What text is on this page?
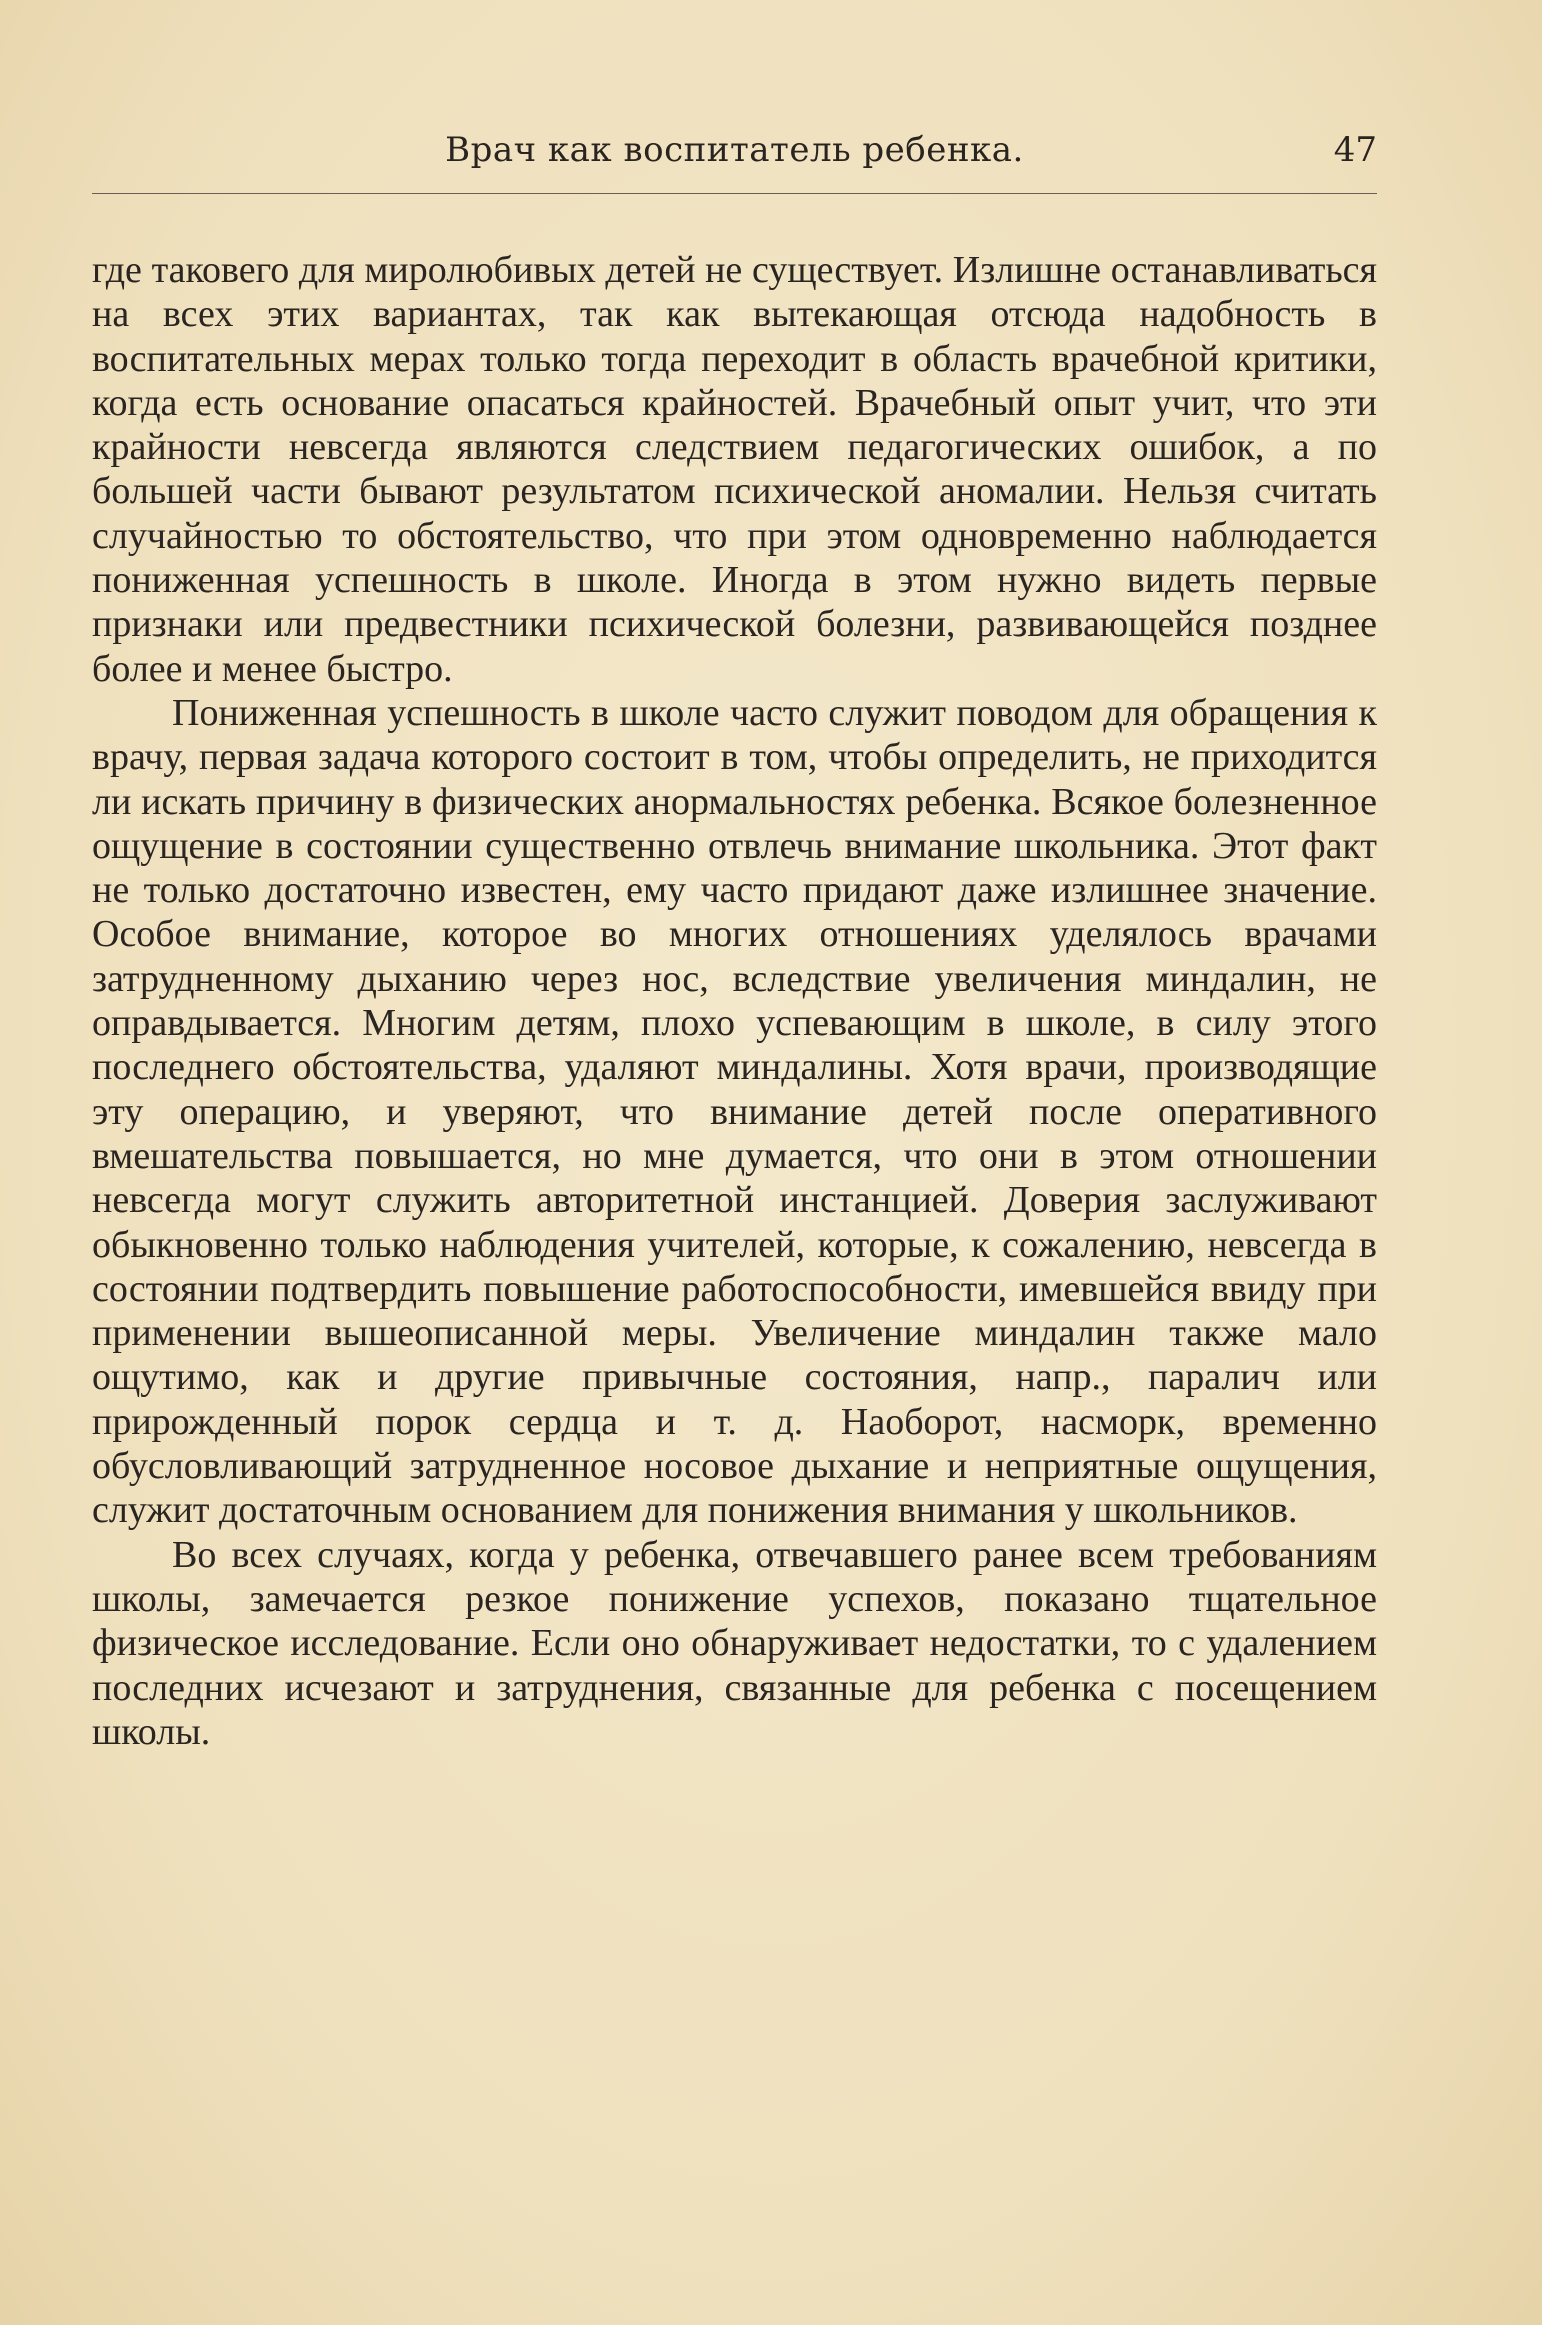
Врач как воспитатель ребенка.	47

где таковего для миролюбивых детей не существует. Излишне останавливаться на всех этих вариантах, так как вытекающая отсюда надобность в воспитательных мерах только тогда переходит в область врачебной критики, когда есть основание опасаться крайностей. Врачебный опыт учит, что эти крайности невсегда являются следствием педагогических ошибок, а по большей части бывают результатом психической аномалии. Нельзя считать случайностью то обстоятельство, что при этом одновременно наблюдается пониженная успешность в школе. Иногда в этом нужно видеть первые признаки или предвестники психической болезни, развивающейся позднее более и менее быстро.

Пониженная успешность в школе часто служит поводом для обращения к врачу, первая задача которого состоит в том, чтобы определить, не приходится ли искать причину в физических анормальностях ребенка. Всякое болезненное ощущение в состоянии существенно отвлечь внимание школьника. Этот факт не только достаточно известен, ему часто придают даже излишнее значение. Особое внимание, которое во многих отношениях уделялось врачами затрудненному дыханию через нос, вследствие увеличения миндалин, не оправдывается. Многим детям, плохо успевающим в школе, в силу этого последнего обстоятельства, удаляют миндалины. Хотя врачи, производящие эту операцию, и уверяют, что внимание детей после оперативного вмешательства повышается, но мне думается, что они в этом отношении невсегда могут служить авторитетной инстанцией. Доверия заслуживают обыкновенно только наблюдения учителей, которые, к сожалению, невсегда в состоянии подтвердить повышение работоспособности, имевшейся ввиду при применении вышеописанной меры. Увеличение миндалин также мало ощутимо, как и другие привычные состояния, напр., паралич или прирожденный порок сердца и т. д. Наоборот, насморк, временно обусловливающий затрудненное носовое дыхание и неприятные ощущения, служит достаточным основанием для понижения внимания у школьников.

Во всех случаях, когда у ребенка, отвечавшего ранее всем требованиям школы, замечается резкое понижение успехов, показано тщательное физическое исследование. Если оно обнаруживает недостатки, то с удалением последних исчезают и затруднения, связанные для ребенка с посещением школы.
